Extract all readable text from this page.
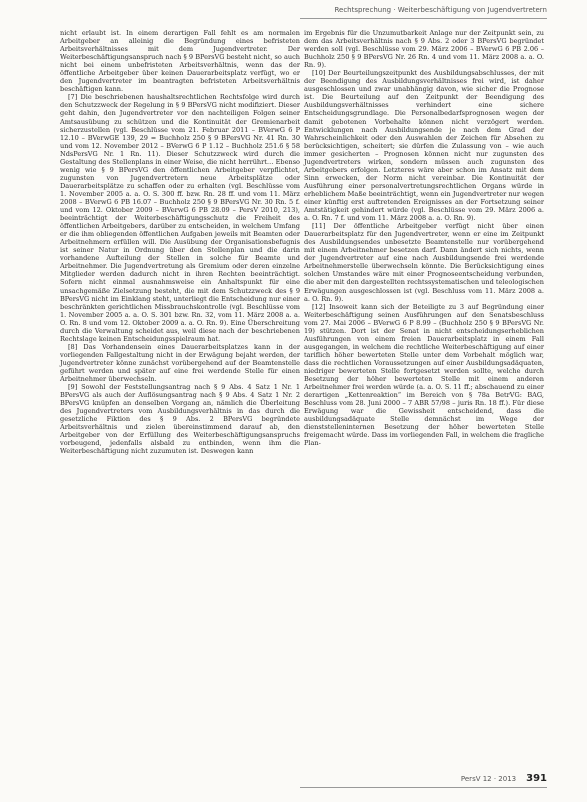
Rechtsprechung · Weiterbeschäftigung von Jugendvertretern

nicht erlaubt ist. In einem derartigen Fall fehlt es am normalen Arbeitgeber an alleinig die Begründung eines befristeten Arbeitsverhältnisses mit dem Jugendvertreter. Der Weiterbeschäftigungsanspruch nach § 9 BPersVG besteht nicht, so auch nicht bei einem unbefristeten Arbeitsverhältnis, wenn das der öffentliche Arbeitgeber über keinen Dauerarbeitsplatz verfügt, wo er den Jugendvertreter im beantragten befristeten Arbeitsverhältnis beschäftigen kann.

[7] Die beschriebenen haushaltsrechtlichen Rechtsfolge wird durch den Schutzzweck der Regelung in § 9 BPersVG nicht modifiziert. Dieser geht dahin, den Jugendvertreter vor den nachteiligen Folgen seiner Amtsausübung zu schützen und die Kontinuität der Gremienarbeit sicherzustellen (vgl. Beschlüsse vom 21. Februar 2011 – BVerwG 6 P 12.10 – BVerwGE 139, 29 = Buchholz 250 § 9 BPersVG Nr. 41 Rn. 30 und vom 12. November 2012 – BVerwG 6 P 1.12 – Buchholz 251.6 § 58 NdsPersVG Nr. 1 Rn. 11). Dieser Schutzzweck wird durch die Gestaltung des Stellenplans in einer Weise, die nicht herrührt… Ebenso wenig wie § 9 BPersVG den öffentlichen Arbeitgeber verpflichtet, zugunsten von Jugendvertretern neue Arbeitsplätze oder Dauerarbeitsplätze zu schaffen oder zu erhalten (vgl. Beschlüsse vom 1. November 2005 a. a. O. S. 300 ff. bzw. Rn. 28 ff. und vom 11. März 2008 – BVerwG 6 PB 16.07 – Buchholz 250 § 9 BPersVG Nr. 30 Rn. 5 f. und vom 12. Oktober 2009 – BVerwG 6 PB 28.09 – PersV 2010, 213), beeinträchtigt der Weiterbeschäftigungsschutz die Freiheit des öffentlichen Arbeitgebers, darüber zu entscheiden, in welchem Umfang er die ihm obliegenden öffentlichen Aufgaben jeweils mit Beamten oder Arbeitnehmern erfüllen will. Die Ausübung der Organisationsbefugnis ist seiner Natur in Ordnung über den Stellenplan und die darin vorhandene Aufteilung der Stellen in solche für Beamte und Arbeitnehmer. Die Jugendvertretung als Gremium oder deren einzelne Mitglieder werden dadurch nicht in ihren Rechten beeinträchtigt. Sofern nicht einmal ausnahmsweise ein Anhaltspunkt für eine unsachgemäße Zielsetzung besteht, die mit dem Schutzzweck des § 9 BPersVG nicht im Einklang steht, unterliegt die Entscheidung nur einer beschränkten gerichtlichen Missbrauchskontrolle (vgl. Beschlüsse vom 1. November 2005 a. a. O. S. 301 bzw. Rn. 32, vom 11. März 2008 a. a. O. Rn. 8 und vom 12. Oktober 2009 a. a. O. Rn. 9). Eine Überschreitung durch die Verwaltung scheidet aus, weil diese nach der beschriebenen Rechtslage keinen Entscheidungsspielraum hat.

[8] Das Vorhandensein eines Dauerarbeitsplatzes kann in der vorliegenden Fallgestaltung nicht in der Erwägung bejaht werden, der Jugendvertreter könne zunächst vorübergehend auf der Beamtenstelle geführt werden und später auf eine frei werdende Stelle für einen Arbeitnehmer überwechseln.

[9] Sowohl der Feststellungsantrag nach § 9 Abs. 4 Satz 1 Nr. 1 BPersVG als auch der Auflösungsantrag nach § 9 Abs. 4 Satz 1 Nr. 2 BPersVG knüpfen an denselben Vorgang an, nämlich die Überleitung des Jugendvertreters vom Ausbildungsverhältnis in das durch die gesetzliche Fiktion des § 9 Abs. 2 BPersVG begründete Arbeitsverhältnis und zielen übereinstimmend darauf ab, den Arbeitgeber von der Erfüllung des Weiterbeschäftigungsanspruchs vorbeugend, jedenfalls alsbald zu entbinden, wenn ihm die Weiterbeschäftigung nicht zuzumuten ist. Deswegen kann

im Ergebnis für die Unzumutbarkeit Anlage nur der Zeitpunkt sein, zu dem das Arbeitsverhältnis nach § 9 Abs. 2 oder 3 BPersVG begründet werden soll (vgl. Beschlüsse vom 29. März 2006 – BVerwG 6 PB 2.06 – Buchholz 250 § 9 BPersVG Nr. 26 Rn. 4 und vom 11. März 2008 a. a. O. Rn. 9).

[10] Der Beurteilungszeitpunkt des Ausbildungsabschlusses, der mit der Beendigung des Ausbildungsverhältnisses frei wird, ist daher ausgeschlossen und zwar unabhängig davon, wie sicher die Prognose ist. Die Beurteilung auf den Zeitpunkt der Beendigung des Ausbildungsverhältnisses verhindert eine sichere Entscheidungsgrundlage. Die Personalbedarfsprognosen wegen der damit gebotenen Vorbehalte können nicht verzögert werden. Entwicklungen nach Ausbildungsende je nach dem Grad der Wahrscheinlichkeit oder den Auswahlen der Zeichen für Absehen zu berücksichtigen, scheitert; sie dürfen die Zulassung von – wie auch immer gesicherten – Prognosen können nicht nur zugunsten des Jugendvertreters wirken, sondern müssen auch zugunsten des Arbeitgebers erfolgen. Letzteres wäre aber schon im Ansatz mit dem Sinn erwecken, der Norm nicht vereinbar. Die Kontinuität der Ausführung einer personalvertretungsrechtlichen Organs würde in erheblichem Maße beeinträchtigt, wenn ein Jugendvertreter nur wegen einer künftig erst auftretenden Ereignisses an der Fortsetzung seiner Amtstätigkeit gehindert würde (vgl. Beschlüsse vom 29. März 2006 a. a. O. Rn. 7 f. und vom 11. März 2008 a. a. O. Rn. 9).

[11] Der öffentliche Arbeitgeber verfügt nicht über einen Dauerarbeitsplatz für den Jugendvertreter, wenn er eine im Zeitpunkt des Ausbildungsendes unbesetzte Beamtenstelle nur vorübergehend mit einem Arbeitnehmer besetzen darf. Dann ändert sich nichts, wenn der Jugendvertreter auf eine nach Ausbildungsende frei werdende Arbeitnehmerstelle überwechseln könnte. Die Berücksichtigung eines solchen Umstandes wäre mit einer Prognoseentscheidung verbunden, die aber mit den dargestellten rechtssystematischen und teleologischen Erwägungen ausgeschlossen ist (vgl. Beschluss vom 11. März 2008 a. a. O. Rn. 9).

[12] Insoweit kann sich der Beteiligte zu 3 auf Begründung einer Weiterbeschäftigung seinen Ausführungen auf den Senatsbeschluss vom 27. Mai 2006 – BVerwG 6 P 8.99 – (Buchholz 250 § 9 BPersVG Nr. 19) stützen. Dort ist der Senat in nicht entscheidungserheblichen Ausführungen von einem freien Dauerarbeitsplatz in einem Fall ausgegangen, in welchem die rechtliche Weiterbeschäftigung auf einer tariflich höher bewerteten Stelle unter dem Vorbehalt möglich war, dass die rechtlichen Voraussetzungen auf einer Ausbildungsadäquaten, niedriger bewerteten Stelle fortgesetzt werden sollte, welche durch Besetzung der höher bewerteten Stelle mit einem anderen Arbeitnehmer frei werden würde (a. a. O. S. 11 ff.; abschauend zu einer derartigen „Kettenreaktion“ im Bereich von § 78a BetrVG: BAG, Beschluss vom 28. Juni 2000 – 7 ABR 57/98 – juris Rn. 18 ff.). Für diese Erwägung war die Gewissheit entscheidend, dass die ausbildungsadäquate Stelle demnächst im Wege der dienststelleninternen Besetzung der höher bewerteten Stelle freigemacht würde. Dass im vorliegenden Fall, in welchem die fragliche Plan-

PersV 12 · 2013 391
